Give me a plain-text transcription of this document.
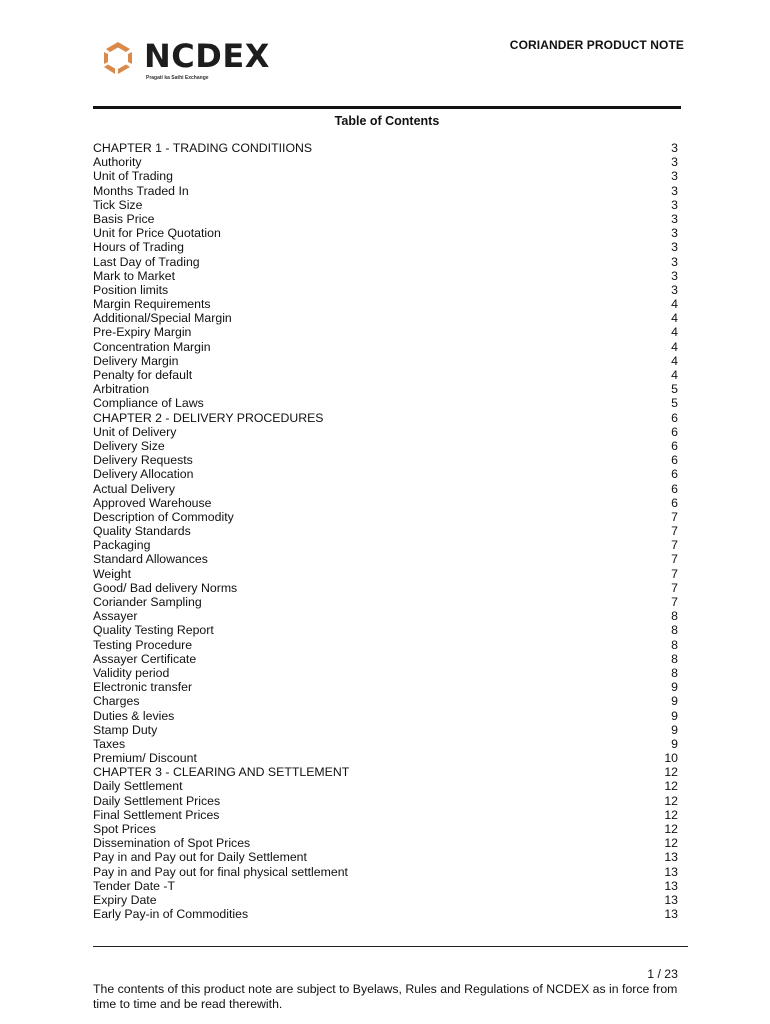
NCDEX
Pragati ka Sathi Exchange
CORIANDER PRODUCT NOTE
Table of Contents
CHAPTER 1 - TRADING CONDITIIONS	3
Authority	3
Unit of Trading	3
Months Traded In	3
Tick Size	3
Basis Price	3
Unit for Price Quotation	3
Hours of Trading	3
Last Day of Trading	3
Mark to Market	3
Position limits	3
Margin Requirements	4
Additional/Special Margin	4
Pre-Expiry Margin	4
Concentration Margin	4
Delivery Margin	4
Penalty for default	4
Arbitration	5
Compliance of Laws	5
CHAPTER 2 - DELIVERY PROCEDURES	6
Unit of Delivery	6
Delivery Size	6
Delivery Requests	6
Delivery Allocation	6
Actual Delivery	6
Approved Warehouse	6
Description of Commodity	7
Quality Standards	7
Packaging	7
Standard Allowances	7
Weight	7
Good/ Bad delivery Norms	7
Coriander Sampling	7
Assayer	8
Quality Testing Report	8
Testing Procedure	8
Assayer Certificate	8
Validity period	8
Electronic transfer	9
Charges	9
Duties & levies	9
Stamp Duty	9
Taxes	9
Premium/ Discount	10
CHAPTER 3 - CLEARING AND SETTLEMENT	12
Daily Settlement	12
Daily Settlement Prices	12
Final Settlement Prices	12
Spot Prices	12
Dissemination of Spot Prices	12
Pay in and Pay out for Daily Settlement	13
Pay in and Pay out for final physical settlement	13
Tender Date -T	13
Expiry Date	13
Early Pay-in of Commodities	13
1 / 23
The contents of this product note are subject to Byelaws, Rules and Regulations of NCDEX as in force from time to time and be read therewith.
